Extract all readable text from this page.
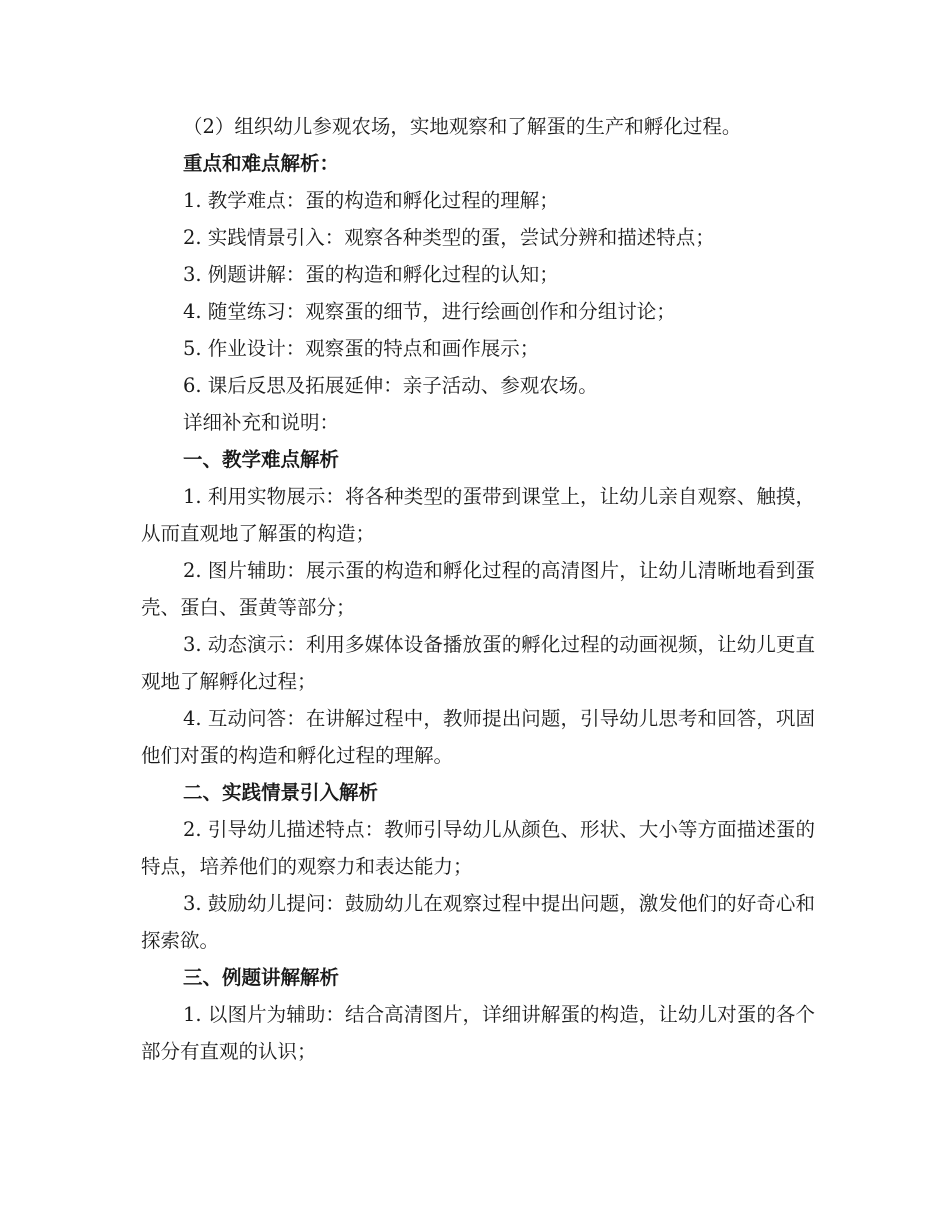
（2）组织幼儿参观农场，实地观察和了解蛋的生产和孵化过程。

重点和难点解析：

1. 教学难点：蛋的构造和孵化过程的理解；

2. 实践情景引入：观察各种类型的蛋，尝试分辨和描述特点；

3. 例题讲解：蛋的构造和孵化过程的认知；

4. 随堂练习：观察蛋的细节，进行绘画创作和分组讨论；

5. 作业设计：观察蛋的特点和画作展示；

6. 课后反思及拓展延伸：亲子活动、参观农场。

详细补充和说明：

一、教学难点解析

1. 利用实物展示：将各种类型的蛋带到课堂上，让幼儿亲自观察、触摸，从而直观地了解蛋的构造；

2. 图片辅助：展示蛋的构造和孵化过程的高清图片，让幼儿清晰地看到蛋壳、蛋白、蛋黄等部分；

3. 动态演示：利用多媒体设备播放蛋的孵化过程的动画视频，让幼儿更直观地了解孵化过程；

4. 互动问答：在讲解过程中，教师提出问题，引导幼儿思考和回答，巩固他们对蛋的构造和孵化过程的理解。

二、实践情景引入解析

2. 引导幼儿描述特点：教师引导幼儿从颜色、形状、大小等方面描述蛋的特点，培养他们的观察力和表达能力；

3. 鼓励幼儿提问：鼓励幼儿在观察过程中提出问题，激发他们的好奇心和探索欲。

三、例题讲解解析

1. 以图片为辅助：结合高清图片，详细讲解蛋的构造，让幼儿对蛋的各个部分有直观的认识；
